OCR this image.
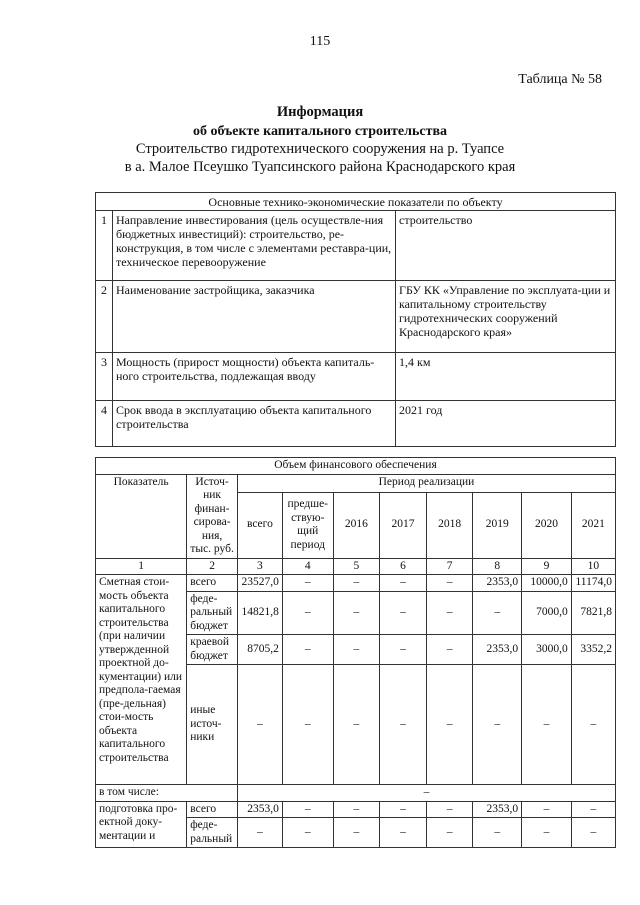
115
Таблица № 58
Информация
об объекте капитального строительства
Строительство гидротехнического сооружения на р. Туапсе
в а. Малое Псеушко Туапсинского района Краснодарского края
Основные технико-экономические показатели по объекту		
1	Направление инвестирования (цель осуществле-ния бюджетных инвестиций): строительство, ре-конструкция, в том числе с элементами реставра-ции, техническое перевооружение	строительство
2	Наименование застройщика, заказчика	ГБУ КК «Управление по эксплуата-ции и капитальному строительству гидротехнических сооружений Краснодарского края»
3	Мощность (прирост мощности) объекта капиталь-ного строительства, подлежащая вводу	1,4 км
4	Срок ввода в эксплуатацию объекта капитального строительства	2021 год
Объем финансового обеспечения									
Показатель	Источ-ник финан-сирова-ния, тыс. руб.	Период реализации							
		всего	предше-ствую-щий период	2016	2017	2018	2019	2020	2021
1	2	3	4	5	6	7	8	9	10
Сметная стои-мость объекта капитального строительства (при наличии утвержденной проектной до-кументации) или предпола-гаемая (пре-дельная) стои-мость объекта капитального строительства	всего	23527,0	–	–	–	–	2353,0	10000,0	11174,0
	феде-ральный бюджет	14821,8	–	–	–	–	–	7000,0	7821,8
	краевой бюджет	8705,2	–	–	–	–	2353,0	3000,0	3352,2
	иные источ-ники	–	–	–	–	–	–	–	–
в том числе:		–							
подготовка про-ектной доку-ментации и	всего	2353,0	–	–	–	–	2353,0	–	–
	феде-ральный	–	–	–	–	–	–	–	–
